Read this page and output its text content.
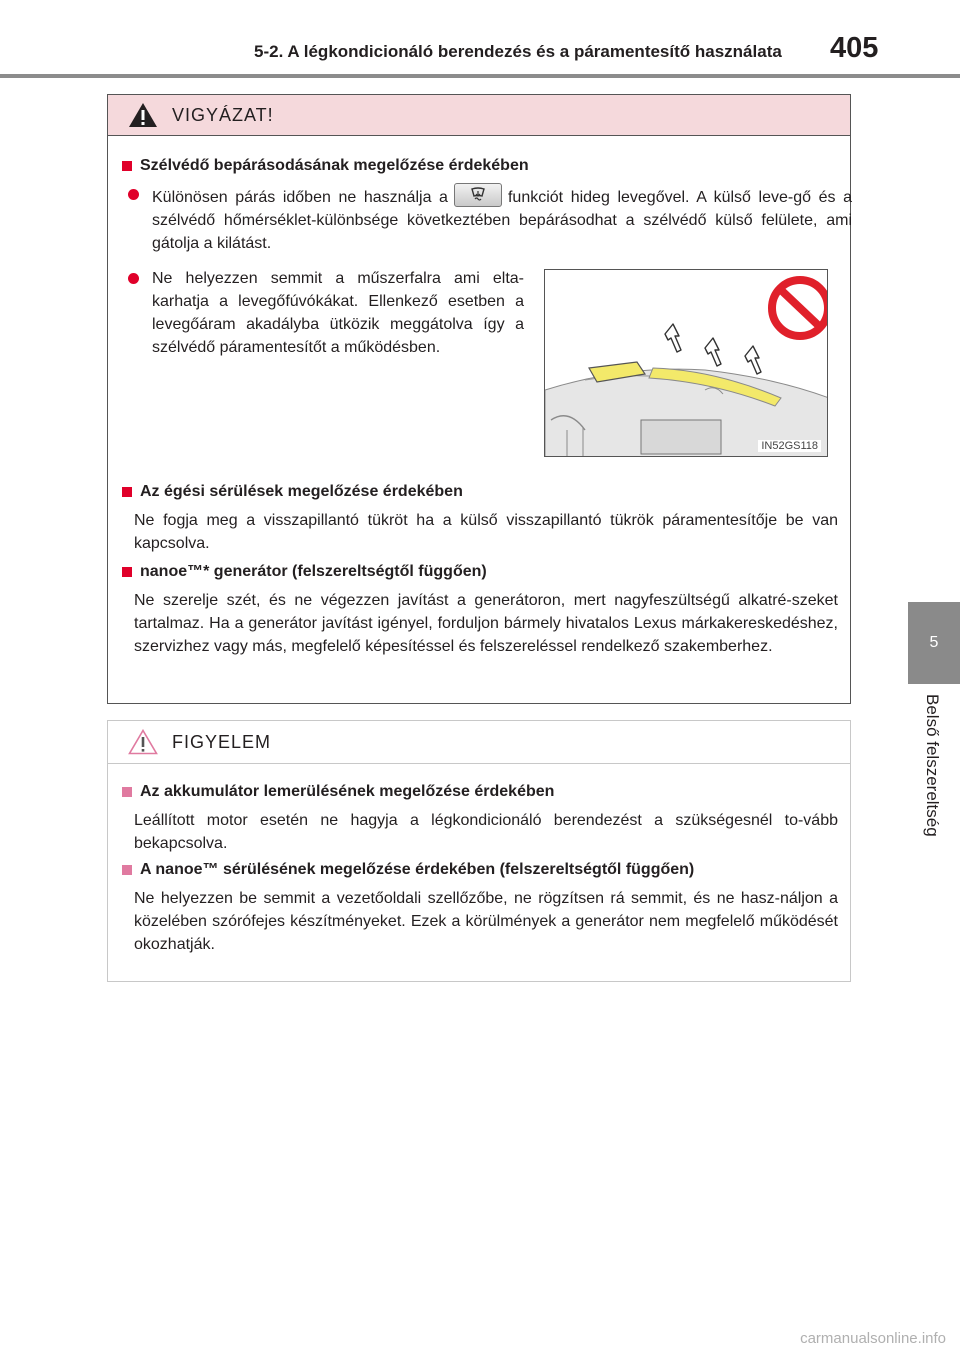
5-2. A légkondicionáló berendezés és a páramentesítő használata 405
5
Belső felszereltség
VIGYÁZAT!
Szélvédő bepárásodásának megelőzése érdekében
Különösen párás időben ne használja a	funkciót hideg levegővel. A külső leve-gő és a szélvédő hőmérséklet-különbsége következtében bepárásodhat a szélvédő külső felülete, ami gátolja a kilátást.
Ne helyezzen semmit a műszerfalra ami elta-karhatja a levegőfúvókákat. Ellenkező esetben a levegőáram akadályba ütközik meggátolva így a szélvédő páramentesítőt a működésben.
IN52GS118
Az égési sérülések megelőzése érdekében
Ne fogja meg a visszapillantó tükröt ha a külső visszapillantó tükrök páramentesítője be van kapcsolva.
nanoe™* generátor (felszereltségtől függően)
Ne szerelje szét, és ne végezzen javítást a generátoron, mert nagyfeszültségű alkatré-szeket tartalmaz. Ha a generátor javítást igényel, forduljon bármely hivatalos Lexus márkakereskedéshez, szervizhez vagy más, megfelelő képesítéssel és felszereléssel rendelkező szakemberhez.
FIGYELEM
Az akkumulátor lemerülésének megelőzése érdekében
Leállított motor esetén ne hagyja a légkondicionáló berendezést a szükségesnél to-vább bekapcsolva.
A nanoe™ sérülésének megelőzése érdekében (felszereltségtől függően)
Ne helyezzen be semmit a vezetőoldali szellőzőbe, ne rögzítsen rá semmit, és ne hasz-náljon a közelében szórófejes készítményeket. Ezek a körülmények a generátor nem megfelelő működését okozhatják.
carmanualsonline.info
